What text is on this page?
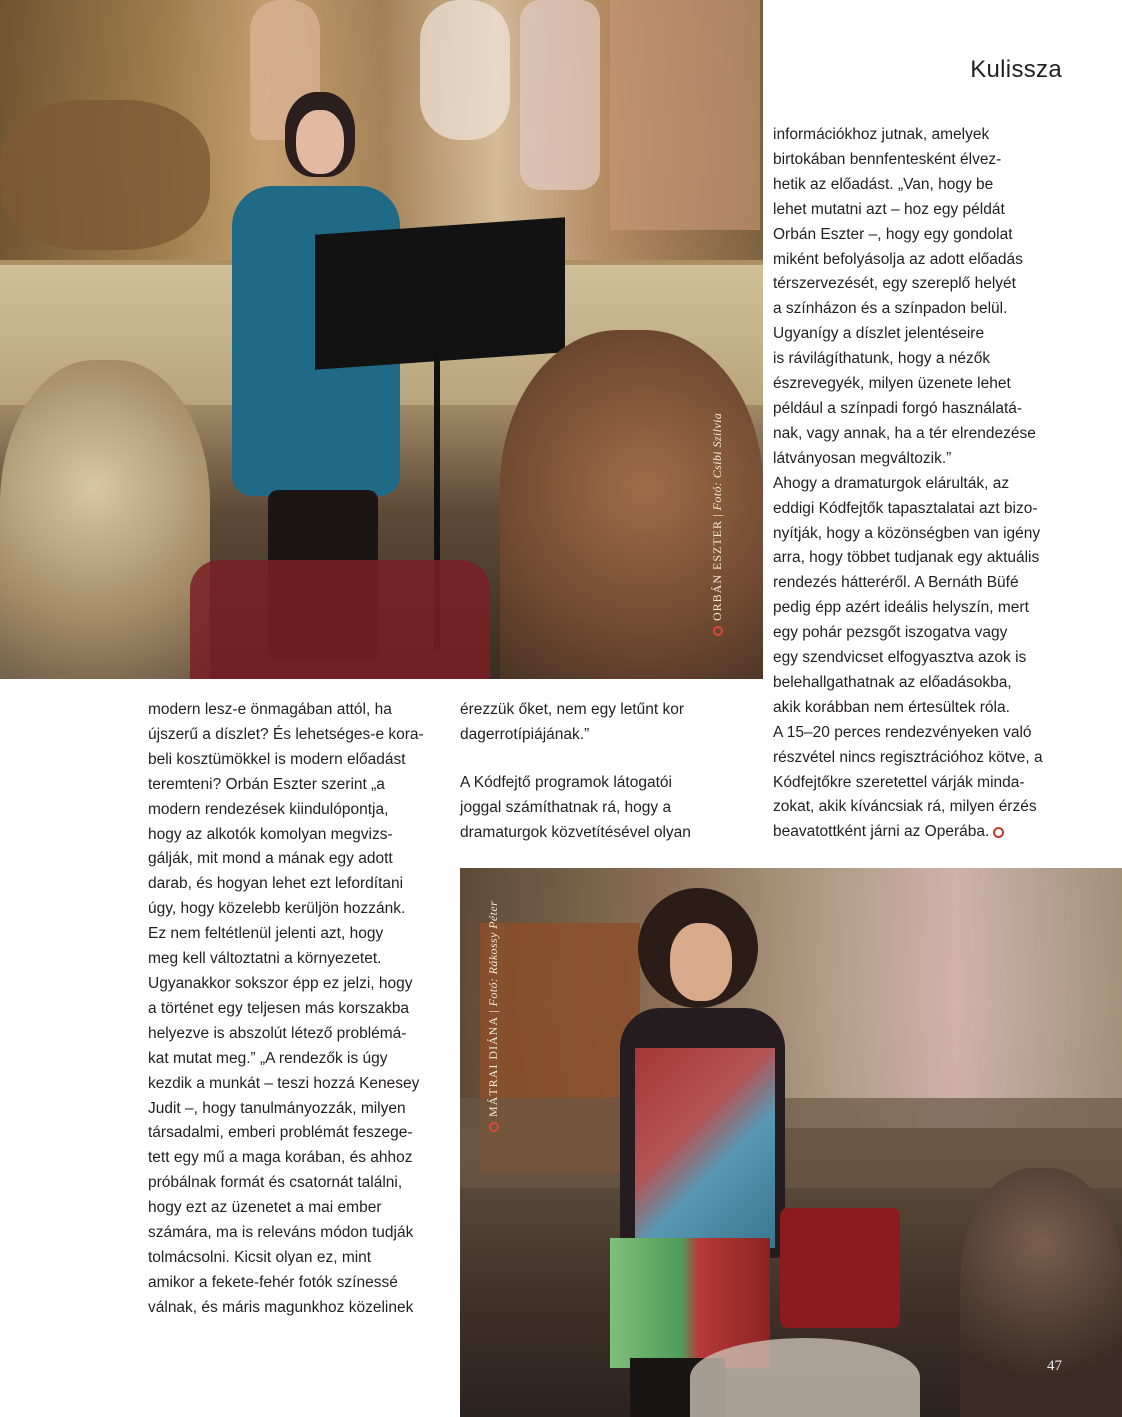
Kulissza
ORBÁN ESZTER | Fotó: Csibi Szilvia
MÁTRAI DIÁNA | Fotó: Rákossy Péter
47

információkhoz jutnak, amelyek
birtokában bennfentesként élvez-
hetik az előadást. „Van, hogy be
lehet mutatni azt – hoz egy példát
Orbán Eszter –, hogy egy gondolat
miként befolyásolja az adott előadás
térszervezését, egy szereplő helyét
a színházon és a színpadon belül.
Ugyanígy a díszlet jelentéseire
is rávilágíthatunk, hogy a nézők
észrevegyék, milyen üzenete lehet
például a színpadi forgó használatá-
nak, vagy annak, ha a tér elrendezése
látványosan megváltozik.”
Ahogy a dramaturgok elárulták, az
eddigi Kódfejtők tapasztalatai azt bizo-
nyítják, hogy a közönségben van igény
arra, hogy többet tudjanak egy aktuális
rendezés hátteréről. A Bernáth Büfé
pedig épp azért ideális helyszín, mert
egy pohár pezsgőt iszogatva vagy
egy szendvicset elfogyasztva azok is
belehallgathatnak az előadásokba,
akik korábban nem értesültek róla.
A 15–20 perces rendezvényeken való
részvétel nincs regisztrációhoz kötve, a
Kódfejtőkre szeretettel várják minda-
zokat, akik kíváncsiak rá, milyen érzés
beavatottként járni az Operába.

modern lesz-e önmagában attól, ha
újszerű a díszlet? És lehetséges-e kora-
beli kosztümökkel is modern előadást
teremteni? Orbán Eszter szerint „a
modern rendezések kiindulópontja,
hogy az alkotók komolyan megvizs-
gálják, mit mond a mának egy adott
darab, és hogyan lehet ezt lefordítani
úgy, hogy közelebb kerüljön hozzánk.
Ez nem feltétlenül jelenti azt, hogy
meg kell változtatni a környezetet.
Ugyanakkor sokszor épp ez jelzi, hogy
a történet egy teljesen más korszakba
helyezve is abszolút létező problémá-
kat mutat meg.” „A rendezők is úgy
kezdik a munkát – teszi hozzá Kenesey
Judit –, hogy tanulmányozzák, milyen
társadalmi, emberi problémát feszege-
tett egy mű a maga korában, és ahhoz
próbálnak formát és csatornát találni,
hogy ezt az üzenetet a mai ember
számára, ma is releváns módon tudják
tolmácsolni. Kicsit olyan ez, mint
amikor a fekete-fehér fotók színessé
válnak, és máris magunkhoz közelinek

érezzük őket, nem egy letűnt kor
dagerrotípiájának.”

A Kódfejtő programok látogatói
joggal számíthatnak rá, hogy a
dramaturgok közvetítésével olyan
